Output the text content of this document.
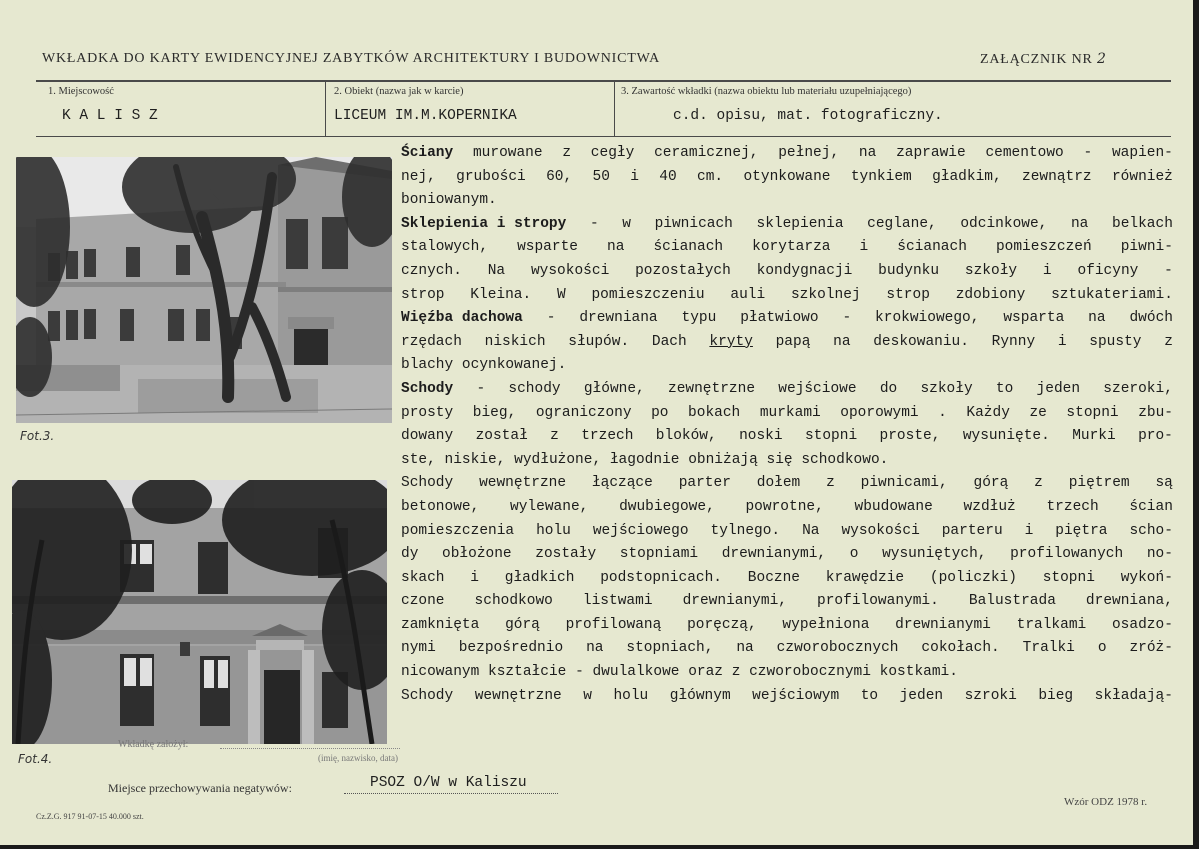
WKŁADKA DO KARTY EWIDENCYJNEJ ZABYTKÓW ARCHITEKTURY I BUDOWNICTWA	ZAŁĄCZNIK NR 2
1. Miejscowość
K A L I S Z
2. Obiekt (nazwa jak w karcie)
LICEUM IM.M.KOPERNIKA
3. Zawartość wkładki (nazwa obiektu lub materiału uzupełniającego)
c.d. opisu, mat. fotograficzny.
Fot.3.
Fot.4.
Ściany murowane z cegły ceramicznej, pełnej, na zaprawie cementowo - wapien-
nej, grubości 60, 50 i 40 cm. otynkowane tynkiem gładkim, zewnątrz również
boniowanym.
Sklepienia i stropy - w piwnicach sklepienia ceglane, odcinkowe, na belkach
stalowych, wsparte na ścianach korytarza i ścianach pomieszczeń piwni-
cznych. Na wysokości pozostałych kondygnacji budynku szkoły i oficyny -
strop Kleina. W pomieszczeniu auli szkolnej strop zdobiony sztukateriami.
Więźba dachowa - drewniana typu płatwiowo - krokwiowego, wsparta na dwóch
rzędach niskich słupów. Dach kryty papą na deskowaniu. Rynny i spusty z
blachy
ocynkowanej.
Schody - schody główne, zewnętrzne wejściowe do szkoły to jeden szeroki,
prosty bieg, ograniczony po bokach murkami oporowymi . Każdy ze stopni zbu-
dowany został z trzech bloków, noski stopni proste, wysunięte. Murki pro-
ste,
niskie,
wydłużone,
łagodnie
obniżają
się
schodkowo.
Schody wewnętrzne łączące parter dołem z piwnicami, górą z piętrem są
betonowe, wylewane, dwubiegowe, powrotne, wbudowane wzdłuż trzech ścian
pomieszczenia holu wejściowego tylnego. Na wysokości parteru i piętra scho-
dy obłożone zostały stopniami drewnianymi, o wysuniętych, profilowanych no-
skach i gładkich podstopnicach. Boczne krawędzie (policzki) stopni wykoń-
czone schodkowo listwami drewnianymi, profilowanymi. Balustrada drewniana,
zamknięta górą profilowaną poręczą, wypełniona drewnianymi tralkami osadzo-
nymi bezpośrednio na stopniach, na czworobocznych cokołach. Tralki o zróż-
nicowanym
kształcie
-
dwulalkowe
oraz
z
czworobocznymi
kostkami.
Schody wewnętrzne w holu głównym wejściowym to jeden szroki bieg składają-
Wkładkę założył:
(imię, nazwisko, data)
Miejsce przechowywania negatywów:	PSOZ O/W w Kaliszu
Cz.Z.G. 917 91-07-15 40.000 szt.
Wzór ODZ 1978 r.
